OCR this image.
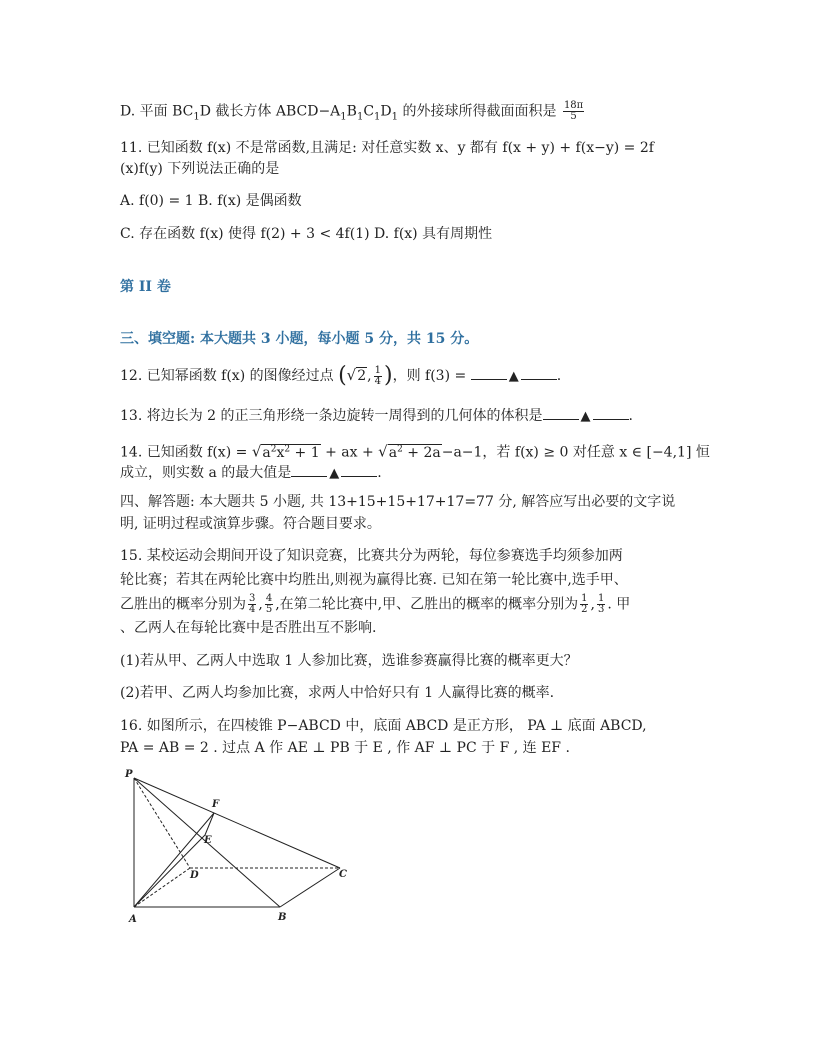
D. 平面 $BC_1D$ 截长方体 $ABCD-A_1B_1C_1D_1$ 的外接球所得截面面积是 $\frac{18\pi}{5}$
11. 已知函数 f(x) 不是常函数,且满足: 对任意实数 x、y 都有 f(x + y) + f(x−y) = 2f
(x)f(y) 下列说法正确的是
A. f(0) = 1 B. f(x) 是偶函数
C. 存在函数 f(x) 使得 f(2) + 3 < 4f(1) D. f(x) 具有周期性
第 II 卷
三、填空题: 本大题共 3 小题，每小题 5 分，共 15 分。
12. 已知幂函数 f(x) 的图像经过点 (√2, $\frac{1}{4}$ )，则 f(3) =	▲	.
13. 将边长为 2 的正三角形绕一条边旋转一周得到的几何体的体积是	▲	.
14. 已知函数 $f(x) = √a^2x^2 + 1$ + ax + $√a^2 + 2a-a-1$，若 f(x) ≥ 0 对任意 x ∈ [−4,1] 恒
成立，则实数 a 的最大值是	▲	.
四、解答题: 本大题共 5 小题, 共 13+15+15+17+17=77 分, 解答应写出必要的文字说
明, 证明过程或演算步骤。符合题目要求。
15. 某校运动会期间开设了知识竞赛，比赛共分为两轮，每位参赛选手均须参加两
轮比赛；若其在两轮比赛中均胜出,则视为赢得比赛. 已知在第一轮比赛中,选手甲、
乙胜出的概率分别为 $\frac{3}{4}$ , $\frac{4}{5}$ ,在第二轮比赛中,甲、乙胜出的概率的概率分别为 $\frac{1}{2}$ , $\frac{1}{3}$ . 甲
、乙两人在每轮比赛中是否胜出互不影响.
(1)若从甲、乙两人中选取 1 人参加比赛，选谁参赛赢得比赛的概率更大？
(2)若甲、乙两人均参加比赛，求两人中恰好只有 1 人赢得比赛的概率.
16. 如图所示，在四棱锥 P−ABCD 中，底面 ABCD 是正方形， PA ⊥ 底面 ABCD,
PA = AB = 2 . 过点 A 作 AE ⊥ PB 于 E , 作 AF ⊥ PC 于 F , 连 EF .
P
F
E
D	C
A	B
